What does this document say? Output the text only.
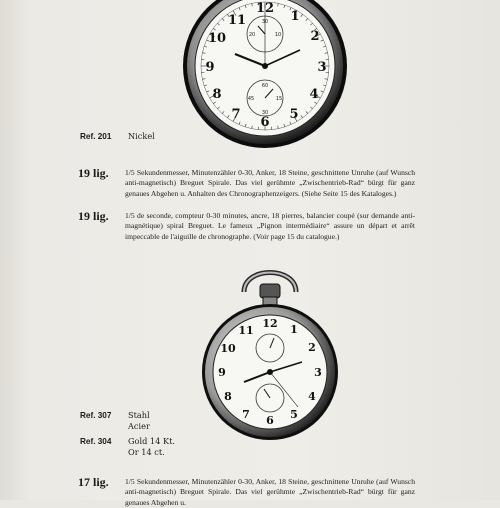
12
1
2
3
4
5
6
7
8
9
10
11	30
10
20
60
15
30
45
Ref. 201 Nickel
19 lig. 1/5 Sekundenmesser, Minutenzähler 0-30, Anker, 18 Steine, geschnittene Unruhe (auf Wunsch anti-magnetisch) Breguet Spirale. Das viel gerühmte „Zwischentrieb-Rad“ bürgt für ganz genaues Abgehen u. Anhalten des Chronographenzeigers. (Siehe Seite 15 des Kataloges.)
19 lig. 1/5 de seconde, compteur 0-30 minutes, ancre, 18 pierres, balancier coupé (sur demande anti-magnétique) spiral Breguet. Le fameux „Pignon intermédiaire“ assure un départ et arrêt impeccable de l'aiguille de chronographe. (Voir page 15 du catalogue.)
12 1
2
3
4
5
6
7
8
9
10
11
Ref. 307 Stahl
Acier
Ref. 304 Gold 14 Kt.
Or 14 ct.
17 lig. 1/5 Sekundenmesser, Minutenzähler 0-30, Anker, 18 Steine, geschnittene Unruhe (auf Wunsch anti-magnetisch) Breguet Spirale. Das viel gerühmte „Zwischentrieb-Rad“ bürgt für ganz genaues Abgehen u.
